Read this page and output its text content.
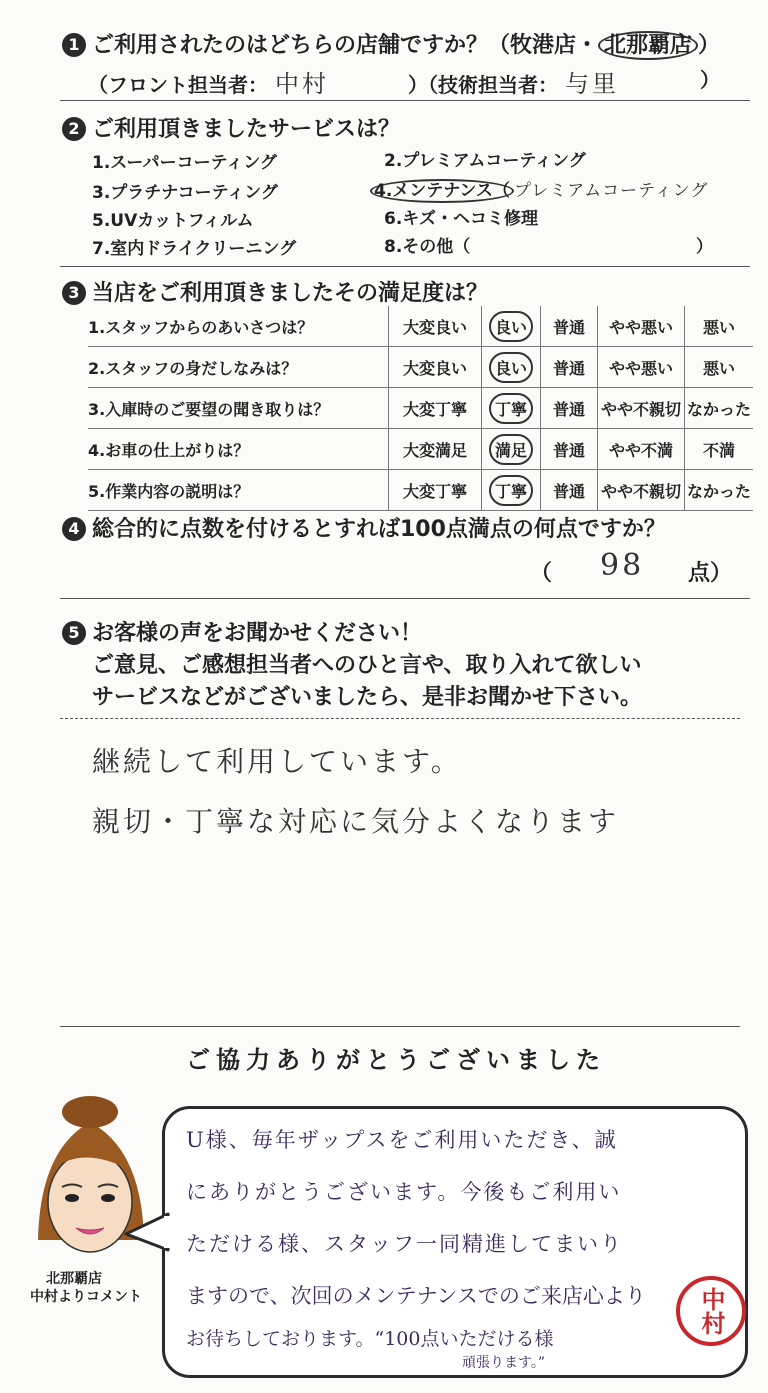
1 ご利用されたのはどちらの店舗ですか？（牧港店・ 北那覇店 ）
（フロント担当者： 中村	）（技術担当者： 与里	）
2 ご利用頂きましたサービスは？
1.スーパーコーティング	2.プレミアムコーティング
3.プラチナコーティング	4.メンテナンス（ プレミアムコーティング
5.UVカットフィルム	6.キズ・ヘコミ修理
7.室内ドライクリーニング	8.その他（	）
3 当店をご利用頂きましたその満足度は？
1.スタッフからのあいさつは？	大変良い	良い	普通	やや悪い	悪い
2.スタッフの身だしなみは？	大変良い	良い	普通	やや悪い	悪い
3.入庫時のご要望の聞き取りは？	大変丁寧	丁寧	普通	やや不親切	なかった
4.お車の仕上がりは？	大変満足	満足	普通	やや不満	不満
5.作業内容の説明は？	大変丁寧	丁寧	普通	やや不親切	なかった
4 総合的に点数を付けるとすれば100点満点の何点ですか？
（ 98 点）
5 お客様の声をお聞かせください！
ご意見、ご感想担当者へのひと言や、取り入れて欲しい
サービスなどがございましたら、是非お聞かせ下さい。
継続して利用しています。
親切・丁寧な対応に気分よくなります
ご協力ありがとうございました
北那覇店
中村よりコメント
U様、毎年ザップスをご利用いただき、誠
にありがとうございます。今後もご利用い
ただける様、スタッフ一同精進してまいり
ますので、次回のメンテナンスでのご来店心より
お待ちしております。“100点いただける様
頑張ります。”
中村
